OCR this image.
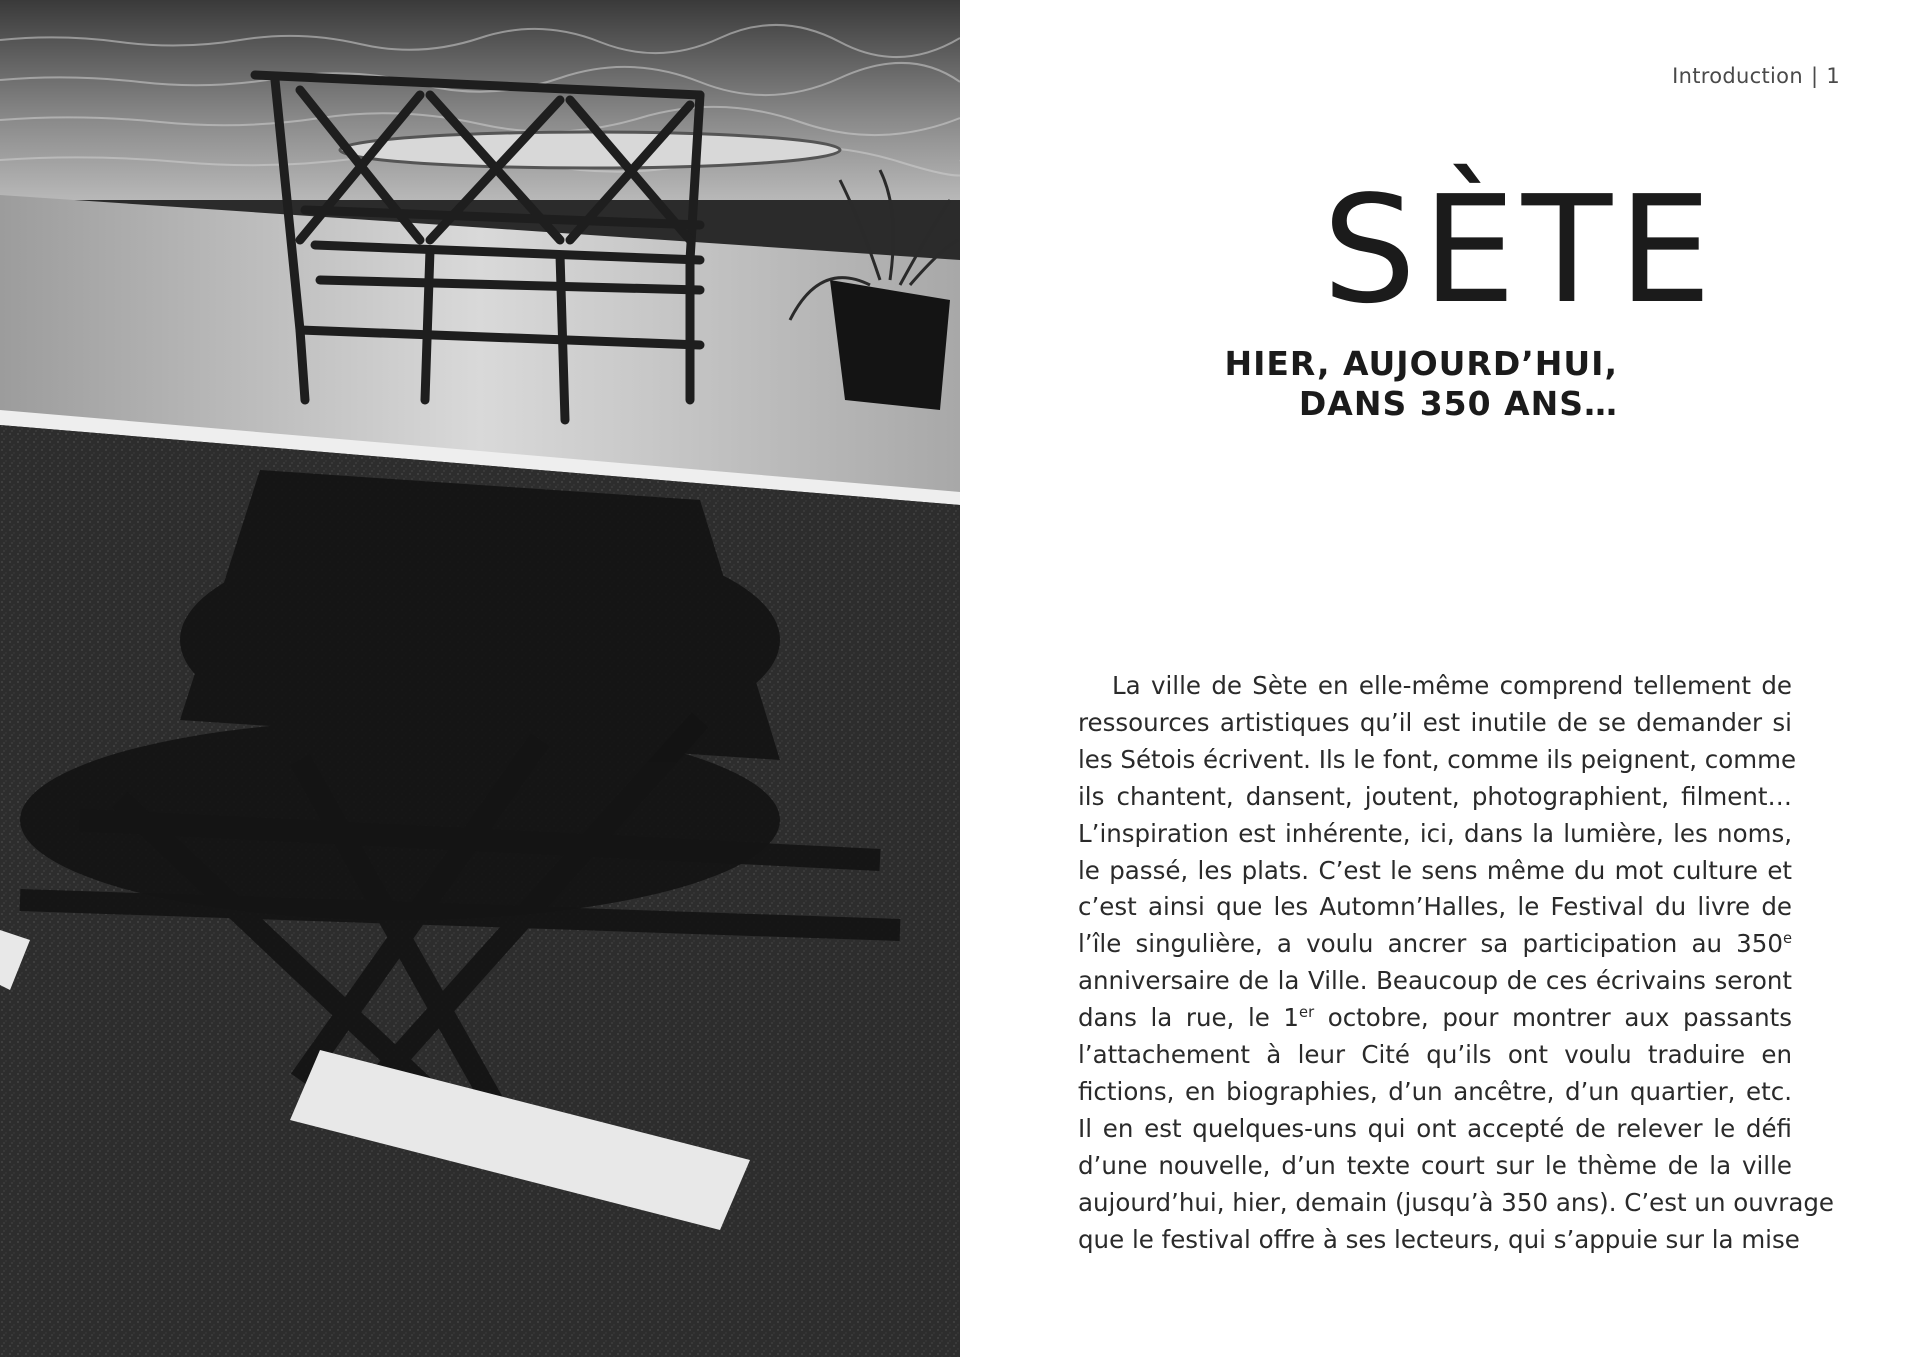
Introduction | 1
SÈTE
HIER, AUJOURD’HUI,
DANS 350 ANS…
La ville de Sète en elle-même comprend tellement de
ressources artistiques qu’il est inutile de se demander si
les Sétois écrivent. Ils le font, comme ils peignent, comme
ils chantent, dansent, joutent, photographient, filment…
L’inspiration est inhérente, ici, dans la lumière, les noms,
le passé, les plats. C’est le sens même du mot culture et
c’est ainsi que les Automn’Halles, le Festival du livre de
l’île singulière, a voulu ancrer sa participation au 350e
anniversaire de la Ville. Beaucoup de ces écrivains seront
dans la rue, le 1er octobre, pour montrer aux passants
l’attachement à leur Cité qu’ils ont voulu traduire en
fictions, en biographies, d’un ancêtre, d’un quartier, etc.
Il en est quelques-uns qui ont accepté de relever le défi
d’une nouvelle, d’un texte court sur le thème de la ville
aujourd’hui, hier, demain (jusqu’à 350 ans). C’est un ouvrage
que le festival offre à ses lecteurs, qui s’appuie sur la mise
